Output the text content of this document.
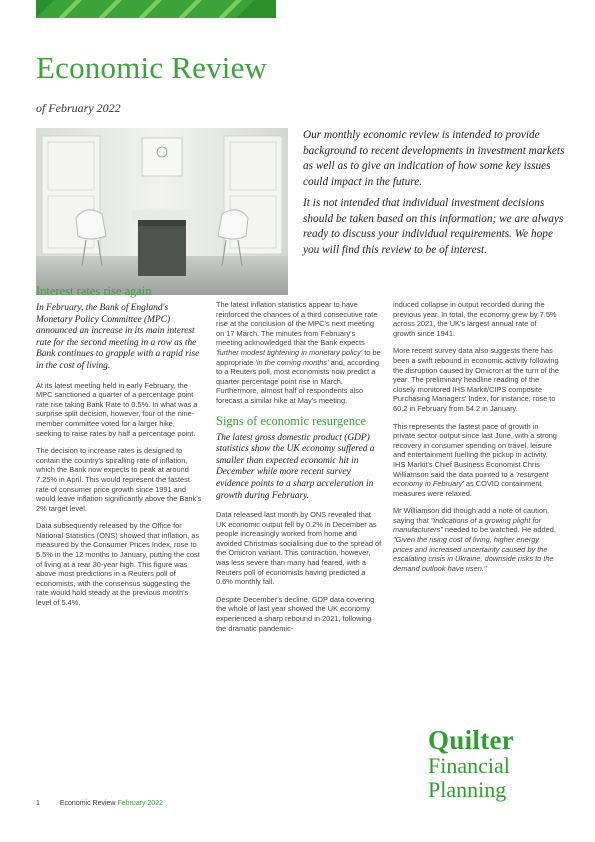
Economic Review
of February 2022

Our monthly economic review is intended to provide background to recent developments in investment markets as well as to give an indication of how some key issues could impact in the future.

It is not intended that individual investment decisions should be taken based on this information; we are always ready to discuss your individual requirements. We hope you will find this review to be of interest.

Interest rates rise again
In February, the Bank of England's Monetary Policy Committee (MPC) announced an increase in its main interest rate for the second meeting in a row as the Bank continues to grapple with a rapid rise in the cost of living.

At its latest meeting held in early February, the MPC sanctioned a quarter of a percentage point rate rise taking Bank Rate to 0.5%. In what was a surprise split decision, however, four of the nine-member committee voted for a larger hike, seeking to raise rates by half a percentage point.

The decision to increase rates is designed to contain the country's spiralling rate of inflation, which the Bank now expects to peak at around 7.25% in April. This would represent the fastest rate of consumer price growth since 1991 and would leave inflation significantly above the Bank's 2% target level.

Data subsequently released by the Office for National Statistics (ONS) showed that inflation, as measured by the Consumer Prices Index, rose to 5.5% in the 12 months to January, putting the cost of living at a rear 30-year high. This figure was above most predictions in a Reuters poll of economists, with the consensus suggesting the rate would hold steady at the previous month's level of 5.4%.

The latest inflation statistics appear to have reinforced the chances of a third consecutive rate rise at the conclusion of the MPC's next meeting on 17 March. The minutes from February's meeting acknowledged that the Bank expects 'further modest tightening in monetary policy' to be appropriate 'in the coming months' and, according to a Reuters poll, most economists now predict a quarter percentage point rise in March. Furthermore, almost half of respondents also forecast a similar hike at May's meeting.

Signs of economic resurgence
The latest gross domestic product (GDP) statistics show the UK economy suffered a smaller than expected economic hit in December while more recent survey evidence points to a sharp acceleration in growth during February.

Data released last month by ONS revealed that UK economic output fell by 0.2% in December as people increasingly worked from home and avoided Christmas socialising due to the spread of the Omicron variant. This contraction, however, was less severe than many had feared, with a Reuters poll of economists having predicted a 0.6% monthly fall.

Despite December's decline, GDP data covering the whole of last year showed the UK economy experienced a sharp rebound in 2021, following the dramatic pandemic-

induced collapse in output recorded during the previous year. In total, the economy grew by 7.5% across 2021, the UK's largest annual rate of growth since 1941.

More recent survey data also suggests there has been a swift rebound in economic activity following the disruption caused by Omicron at the turn of the year. The preliminary headline reading of the closely monitored IHS Markit/CIPS composite Purchasing Managers' Index, for instance, rose to 60.2 in February from 54.2 in January.

This represents the fastest pace of growth in private sector output since last June, with a strong recovery in consumer spending on travel, leisure and entertainment fuelling the pickup in activity. IHS Markit's Chief Business Economist Chris Williamson said the data pointed to a 'resurgent economy in February' as COVID containment measures were relaxed.

Mr Williamson did though add a note of caution, saying that "indications of a growing plight for manufacturers" needed to be watched. He added, "Given the rising cost of living, higher energy prices and increased uncertainty caused by the escalating crisis in Ukraine, downside risks to the demand outlook have risen."

Quilter
Financial
Planning
1	Economic Review February 2022
